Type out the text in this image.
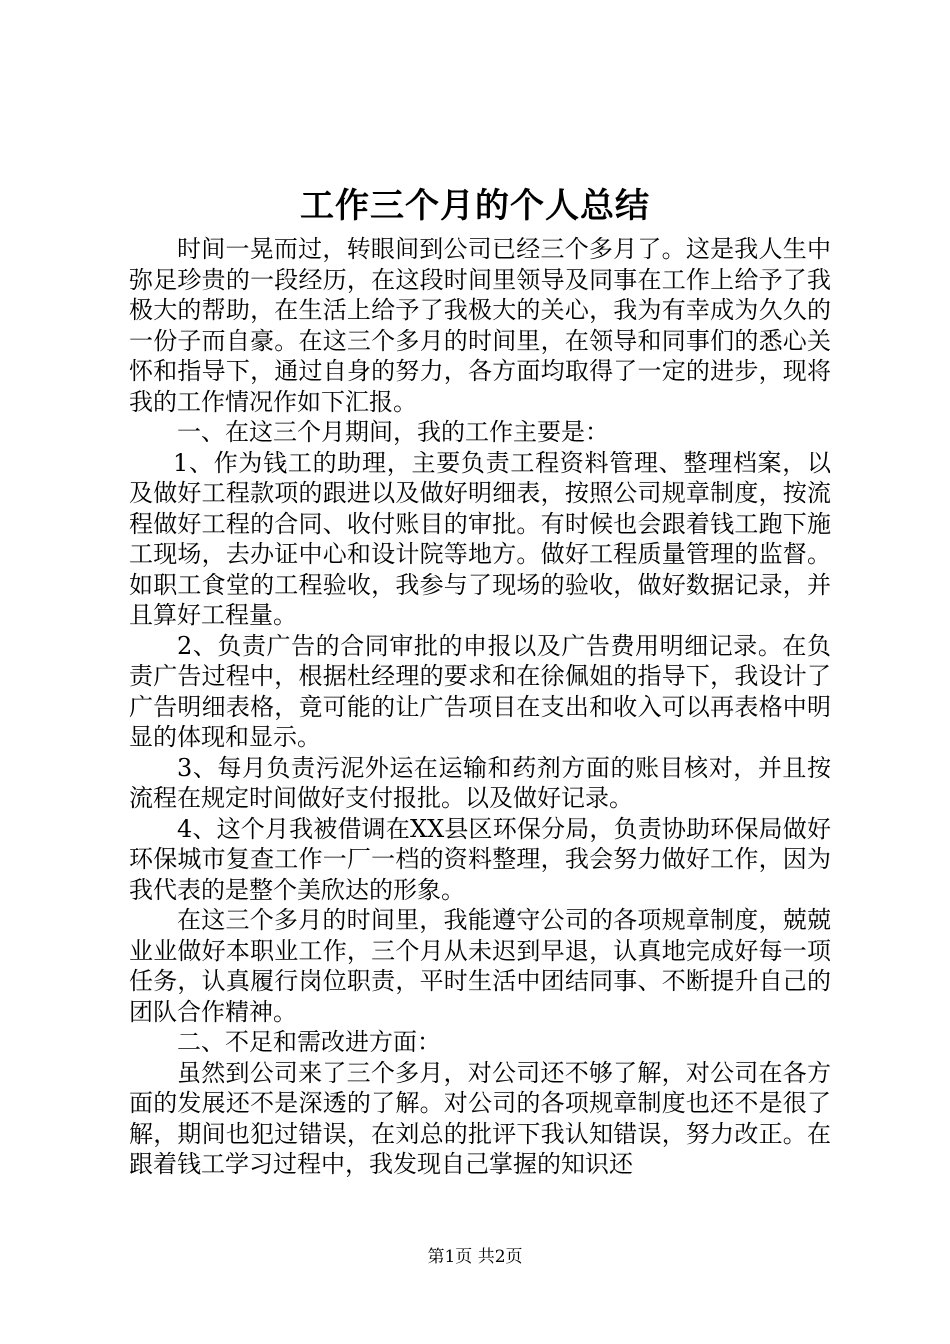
工作三个月的个人总结

时间一晃而过，转眼间到公司已经三个多月了。这是我人生中弥足珍贵的一段经历，在这段时间里领导及同事在工作上给予了我极大的帮助，在生活上给予了我极大的关心，我为有幸成为久久的一份子而自豪。在这三个多月的时间里，在领导和同事们的悉心关怀和指导下，通过自身的努力，各方面均取得了一定的进步，现将我的工作情况作如下汇报。

一、在这三个月期间，我的工作主要是：

1、作为钱工的助理，主要负责工程资料管理、整理档案，以及做好工程款项的跟进以及做好明细表，按照公司规章制度，按流程做好工程的合同、收付账目的审批。有时候也会跟着钱工跑下施工现场，去办证中心和设计院等地方。做好工程质量管理的监督。如职工食堂的工程验收，我参与了现场的验收，做好数据记录，并且算好工程量。

2、负责广告的合同审批的申报以及广告费用明细记录。在负责广告过程中，根据杜经理的要求和在徐佩姐的指导下，我设计了广告明细表格，竟可能的让广告项目在支出和收入可以再表格中明显的体现和显示。

3、每月负责污泥外运在运输和药剂方面的账目核对，并且按流程在规定时间做好支付报批。以及做好记录。

4、这个月我被借调在XX县区环保分局，负责协助环保局做好环保城市复查工作一厂一档的资料整理，我会努力做好工作，因为我代表的是整个美欣达的形象。

在这三个多月的时间里，我能遵守公司的各项规章制度，兢兢业业做好本职业工作，三个月从未迟到早退，认真地完成好每一项任务，认真履行岗位职责，平时生活中团结同事、不断提升自己的团队合作精神。

二、不足和需改进方面：

虽然到公司来了三个多月，对公司还不够了解，对公司在各方面的发展还不是深透的了解。对公司的各项规章制度也还不是很了解，期间也犯过错误，在刘总的批评下我认知错误，努力改正。在跟着钱工学习过程中，我发现自己掌握的知识还

第1页 共2页
